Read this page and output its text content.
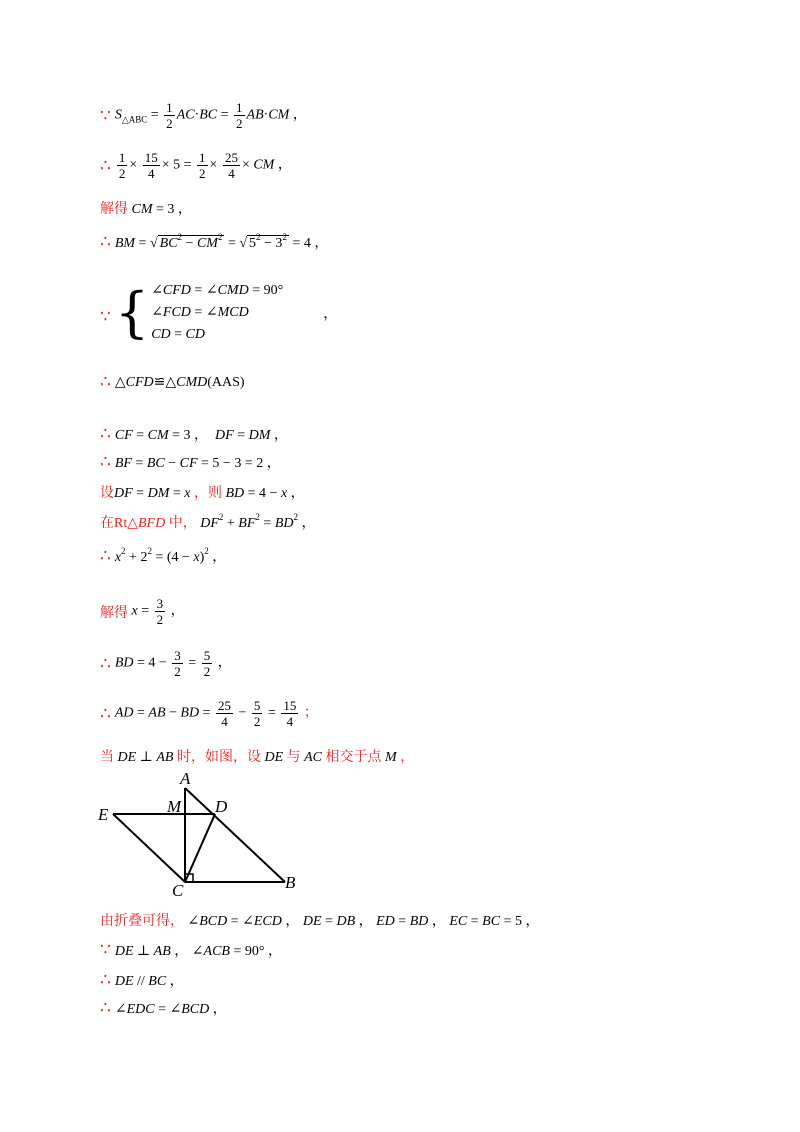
∵ $S_{\triangle ABC} = \frac{1}{2} AC\cdot BC = \frac{1}{2} AB\cdot CM$ ，
∴ $\frac{1}{2} \times \frac{15}{4} \times 5 = \frac{1}{2} \times \frac{25}{4}$ × CM ，
解得 CM = 3 ，
∴ BM = √ $BC^2 - CM^2$ = √ $5^2 - 3^2 = 4$ ，
∵ { ∠CFD = ∠CMD = 90°
∠FCD = ∠MCD
CD = CD
，
∴ △CFD≌△CMD(AAS)
∴ CF = CM = 3 ，  DF = DM ，
∴ BF = BC − CF = 5 − 3 = 2 ，
设 DF = DM = x ，则 BD = 4 − x ，
在 Rt△BFD 中， $DF^2 + BF^2 = BD^2$ ，
∴ $x^2 + 2^2 = (4 - x)^2$ ，
解得 $x = \frac{3}{2}$ ，
∴ BD = $4 - \frac{3}{2} = \frac{5}{2}$ ，
∴ AD = AB − BD = $\frac{25}{4} - \frac{5}{2} = \frac{15}{4}$ ；
当 DE ⊥ AB 时，如图，设 DE 与 AC 相交于点 M ，
A
M D
E
C	B
由折叠可得， ∠BCD = ∠ECD ， DE = DB ， ED = BD ， EC = BC = 5 ，
∵ DE ⊥ AB ， ∠ACB = 90° ，
∴ DE // BC ，
∴ ∠EDC = ∠BCD ，
